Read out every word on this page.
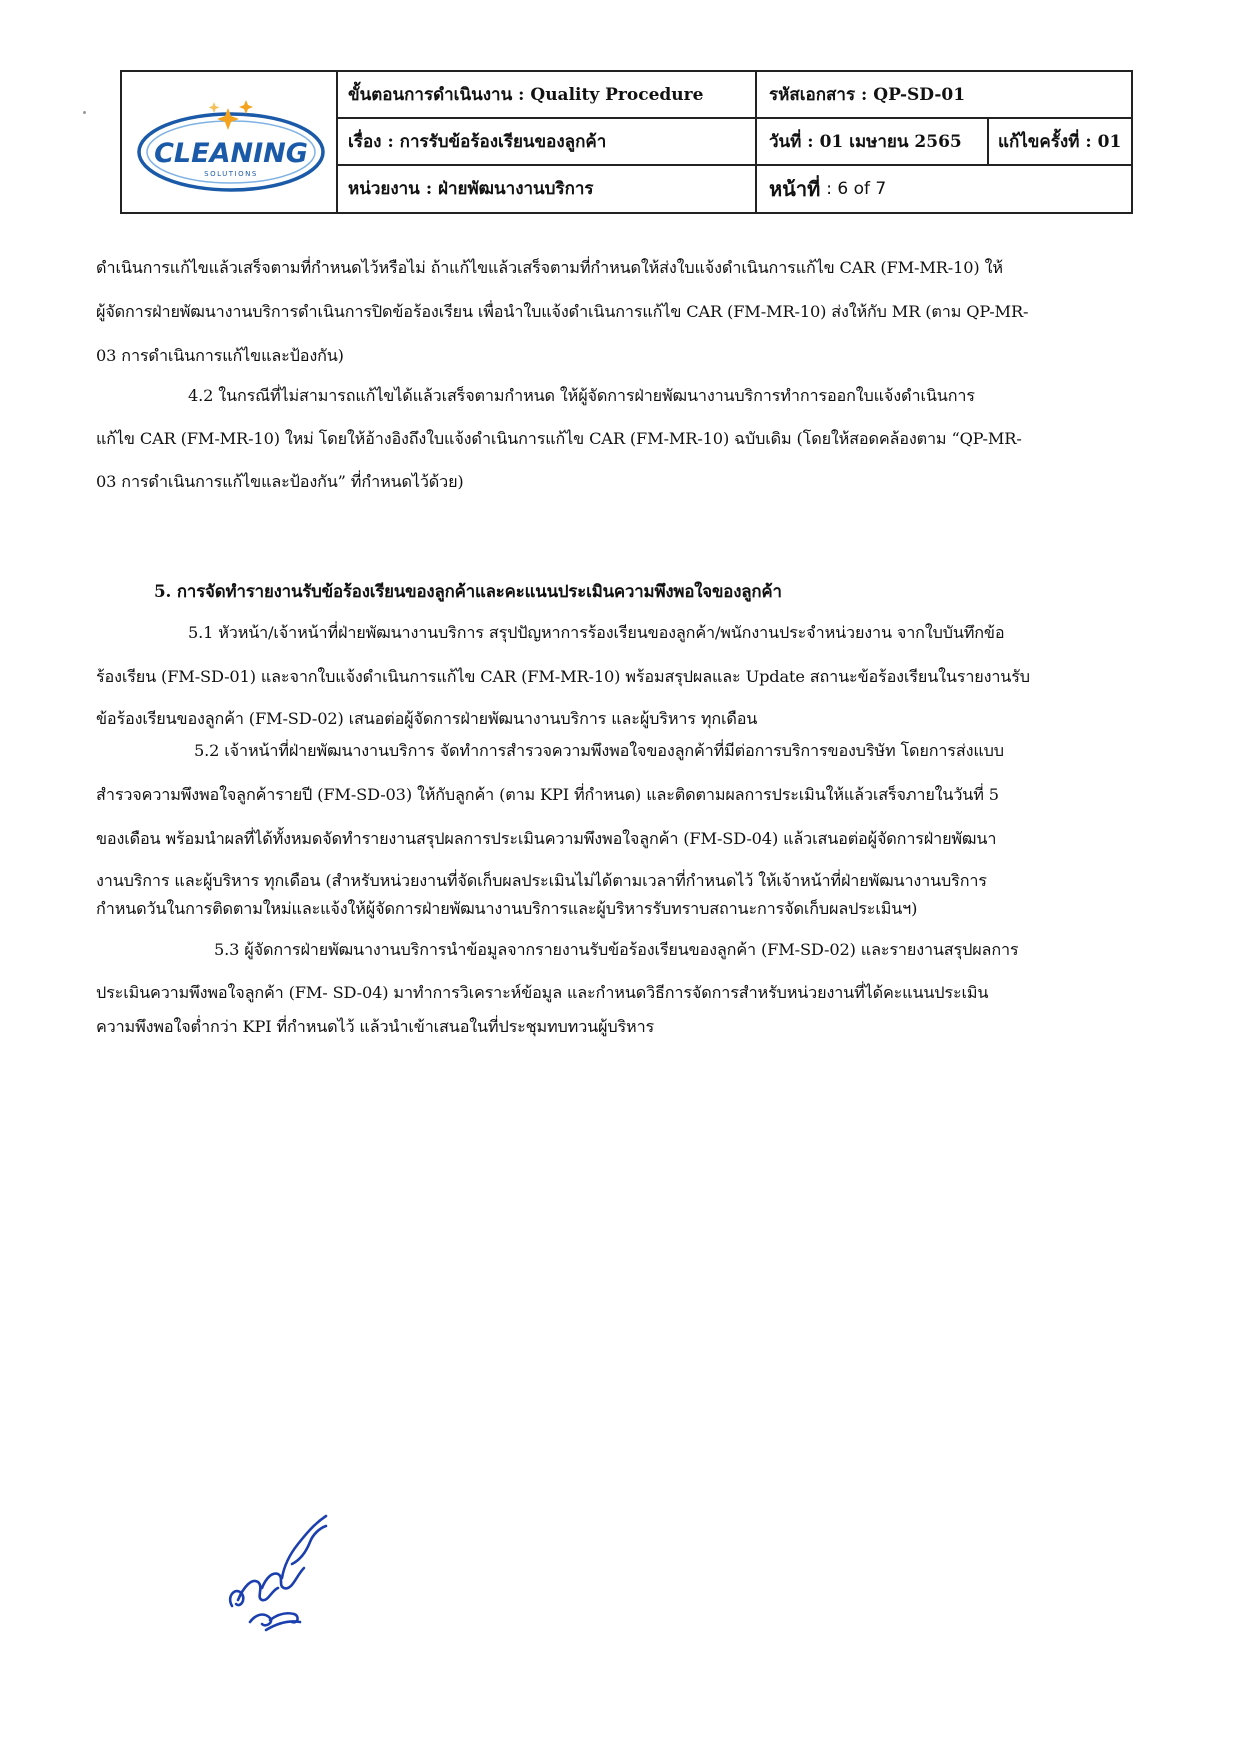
CLEANING
SOLUTIONS
ขั้นตอนการดำเนินงาน : Quality Procedure
เรื่อง : การรับข้อร้องเรียนของลูกค้า
หน่วยงาน : ฝ่ายพัฒนางานบริการ
รหัสเอกสาร : QP-SD-01
วันที่ : 01 เมษายน 2565 แก้ไขครั้งที่ : 01
หน้าที่ : 6 of 7
ดำเนินการแก้ไขแล้วเสร็จตามที่กำหนดไว้หรือไม่ ถ้าแก้ไขแล้วเสร็จตามที่กำหนดให้ส่งใบแจ้งดำเนินการแก้ไข CAR (FM-MR-10) ให้
ผู้จัดการฝ่ายพัฒนางานบริการดำเนินการปิดข้อร้องเรียน เพื่อนำใบแจ้งดำเนินการแก้ไข CAR (FM-MR-10) ส่งให้กับ MR (ตาม QP-MR-
03 การดำเนินการแก้ไขและป้องกัน)
4.2 ในกรณีที่ไม่สามารถแก้ไขได้แล้วเสร็จตามกำหนด ให้ผู้จัดการฝ่ายพัฒนางานบริการทำการออกใบแจ้งดำเนินการ
แก้ไข CAR (FM-MR-10) ใหม่ โดยให้อ้างอิงถึงใบแจ้งดำเนินการแก้ไข CAR (FM-MR-10) ฉบับเดิม (โดยให้สอดคล้องตาม “QP-MR-
03 การดำเนินการแก้ไขและป้องกัน” ที่กำหนดไว้ด้วย)
5. การจัดทำรายงานรับข้อร้องเรียนของลูกค้าและคะแนนประเมินความพึงพอใจของลูกค้า
5.1 หัวหน้า/เจ้าหน้าที่ฝ่ายพัฒนางานบริการ สรุปปัญหาการร้องเรียนของลูกค้า/พนักงานประจำหน่วยงาน จากใบบันทึกข้อ
ร้องเรียน (FM-SD-01) และจากใบแจ้งดำเนินการแก้ไข CAR (FM-MR-10) พร้อมสรุปผลและ Update สถานะข้อร้องเรียนในรายงานรับ
ข้อร้องเรียนของลูกค้า (FM-SD-02) เสนอต่อผู้จัดการฝ่ายพัฒนางานบริการ และผู้บริหาร ทุกเดือน
5.2 เจ้าหน้าที่ฝ่ายพัฒนางานบริการ จัดทำการสำรวจความพึงพอใจของลูกค้าที่มีต่อการบริการของบริษัท โดยการส่งแบบ
สำรวจความพึงพอใจลูกค้ารายปี (FM-SD-03) ให้กับลูกค้า (ตาม KPI ที่กำหนด) และติดตามผลการประเมินให้แล้วเสร็จภายในวันที่ 5
ของเดือน พร้อมนำผลที่ได้ทั้งหมดจัดทำรายงานสรุปผลการประเมินความพึงพอใจลูกค้า (FM-SD-04) แล้วเสนอต่อผู้จัดการฝ่ายพัฒนา
งานบริการ และผู้บริหาร ทุกเดือน (สำหรับหน่วยงานที่จัดเก็บผลประเมินไม่ได้ตามเวลาที่กำหนดไว้ ให้เจ้าหน้าที่ฝ่ายพัฒนางานบริการ
กำหนดวันในการติดตามใหม่และแจ้งให้ผู้จัดการฝ่ายพัฒนางานบริการและผู้บริหารรับทราบสถานะการจัดเก็บผลประเมินฯ)
5.3 ผู้จัดการฝ่ายพัฒนางานบริการนำข้อมูลจากรายงานรับข้อร้องเรียนของลูกค้า (FM-SD-02) และรายงานสรุปผลการ
ประเมินความพึงพอใจลูกค้า (FM- SD-04) มาทำการวิเคราะห์ข้อมูล และกำหนดวิธีการจัดการสำหรับหน่วยงานที่ได้คะแนนประเมิน
ความพึงพอใจต่ำกว่า KPI ที่กำหนดไว้ แล้วนำเข้าเสนอในที่ประชุมทบทวนผู้บริหาร
